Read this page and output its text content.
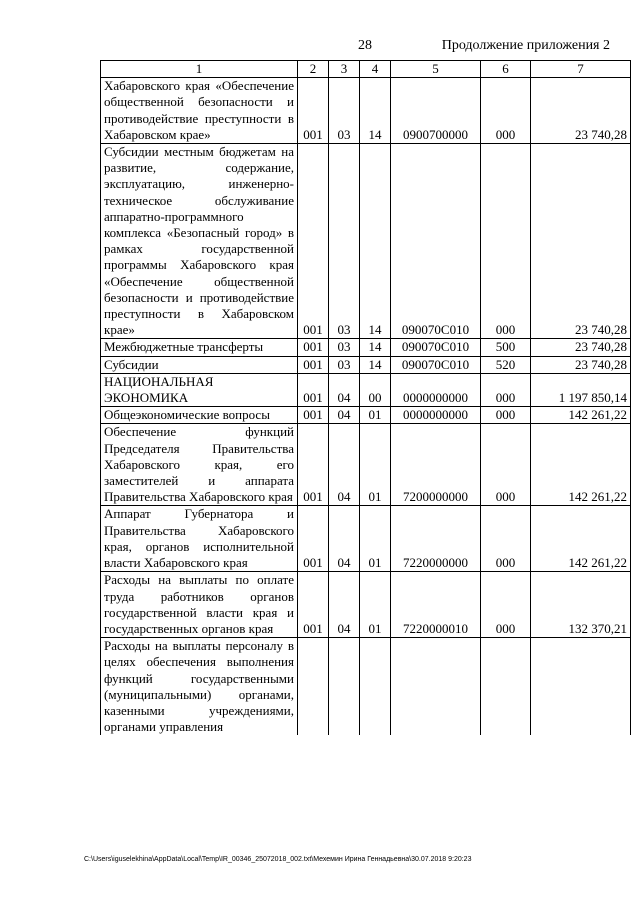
28	Продолжение приложения 2
1	2	3	4	5	6	7
Хабаровского края «Обеспечение общественной безопасности и противодействие преступности в Хабаровском крае»	001	03	14	0900700000	000	23 740,28
Субсидии местным бюджетам на развитие, содержание, эксплуатацию, инженерно-техническое обслуживание аппаратно-программного комплекса «Безопасный город» в рамках государственной программы Хабаровского края «Обеспечение общественной безопасности и противодействие преступности в Хабаровском крае»	001	03	14	090070С010	000	23 740,28
Межбюджетные трансферты	001	03	14	090070С010	500	23 740,28
Субсидии	001	03	14	090070С010	520	23 740,28
НАЦИОНАЛЬНАЯ ЭКОНОМИКА	001	04	00	0000000000	000	1 197 850,14
Общеэкономические вопросы	001	04	01	0000000000	000	142 261,22
Обеспечение функций Председателя Правительства Хабаровского края, его заместителей и аппарата Правительства Хабаровского края	001	04	01	7200000000	000	142 261,22
Аппарат Губернатора и Правительства Хабаровского края, органов исполнительной власти Хабаровского края	001	04	01	7220000000	000	142 261,22
Расходы на выплаты по оплате труда работников органов государственной власти края и государственных органов края	001	04	01	7220000010	000	132 370,21
Расходы на выплаты персоналу в целях обеспечения выполнения функций государственными (муниципальными) органами, казенными учреждениями, органами управления						
C:\Users\iguselekhina\AppData\Local\Temp\IR_00346_25072018_002.txt\Мехемин Ирина Геннадьевна\30.07.2018 9:20:23
